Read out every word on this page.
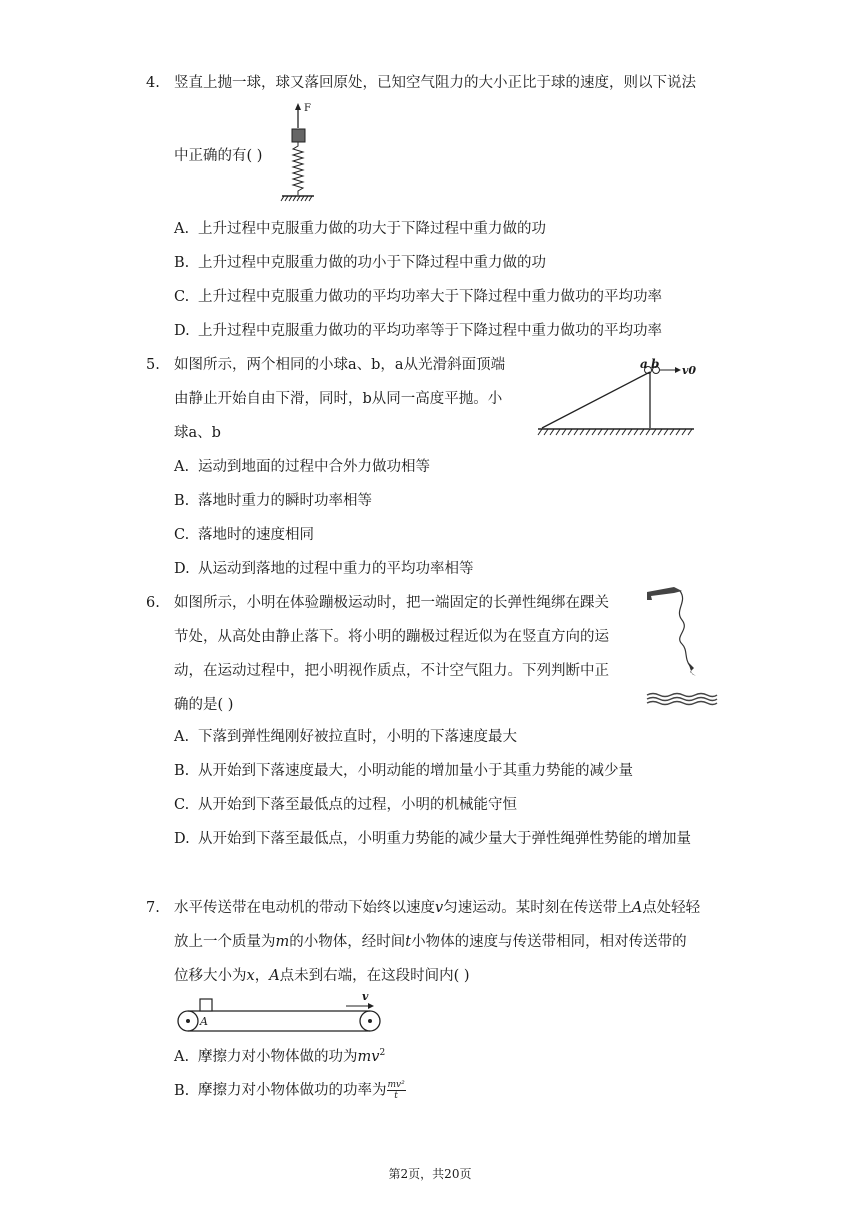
4. 竖直上抛一球，球又落回原处，已知空气阻力的大小正比于球的速度，则以下说法
中正确的有( )
F
A. 上升过程中克服重力做的功大于下降过程中重力做的功
B. 上升过程中克服重力做的功小于下降过程中重力做的功
C. 上升过程中克服重力做功的平均功率大于下降过程中重力做功的平均功率
D. 上升过程中克服重力做功的平均功率等于下降过程中重力做功的平均功率
5. 如图所示，两个相同的小球a、b，a从光滑斜面顶端
由静止开始自由下滑，同时，b从同一高度平抛。小
球a、b
a b v0
A. 运动到地面的过程中合外力做功相等
B. 落地时重力的瞬时功率相等
C. 落地时的速度相同
D. 从运动到落地的过程中重力的平均功率相等
6. 如图所示，小明在体验蹦极运动时，把一端固定的长弹性绳绑在踝关
节处，从高处由静止落下。将小明的蹦极过程近似为在竖直方向的运
动，在运动过程中，把小明视作质点，不计空气阻力。下列判断中正
确的是( )
A. 下落到弹性绳刚好被拉直时，小明的下落速度最大
B. 从开始到下落速度最大，小明动能的增加量小于其重力势能的减少量
C. 从开始到下落至最低点的过程，小明的机械能守恒
D. 从开始到下落至最低点，小明重力势能的减少量大于弹性绳弹性势能的增加量
7. 水平传送带在电动机的带动下始终以速度v匀速运动。某时刻在传送带上A点处轻轻
放上一个质量为m的小物体，经时间t小物体的速度与传送带相同，相对传送带的
位移大小为x，A点未到右端，在这段时间内( )
A
v
A. 摩擦力对小物体做的功为$mv^2$
B. 摩擦力对小物体做功的功率为 $\frac{\text{mv²}}{t}$
第2页，共20页
